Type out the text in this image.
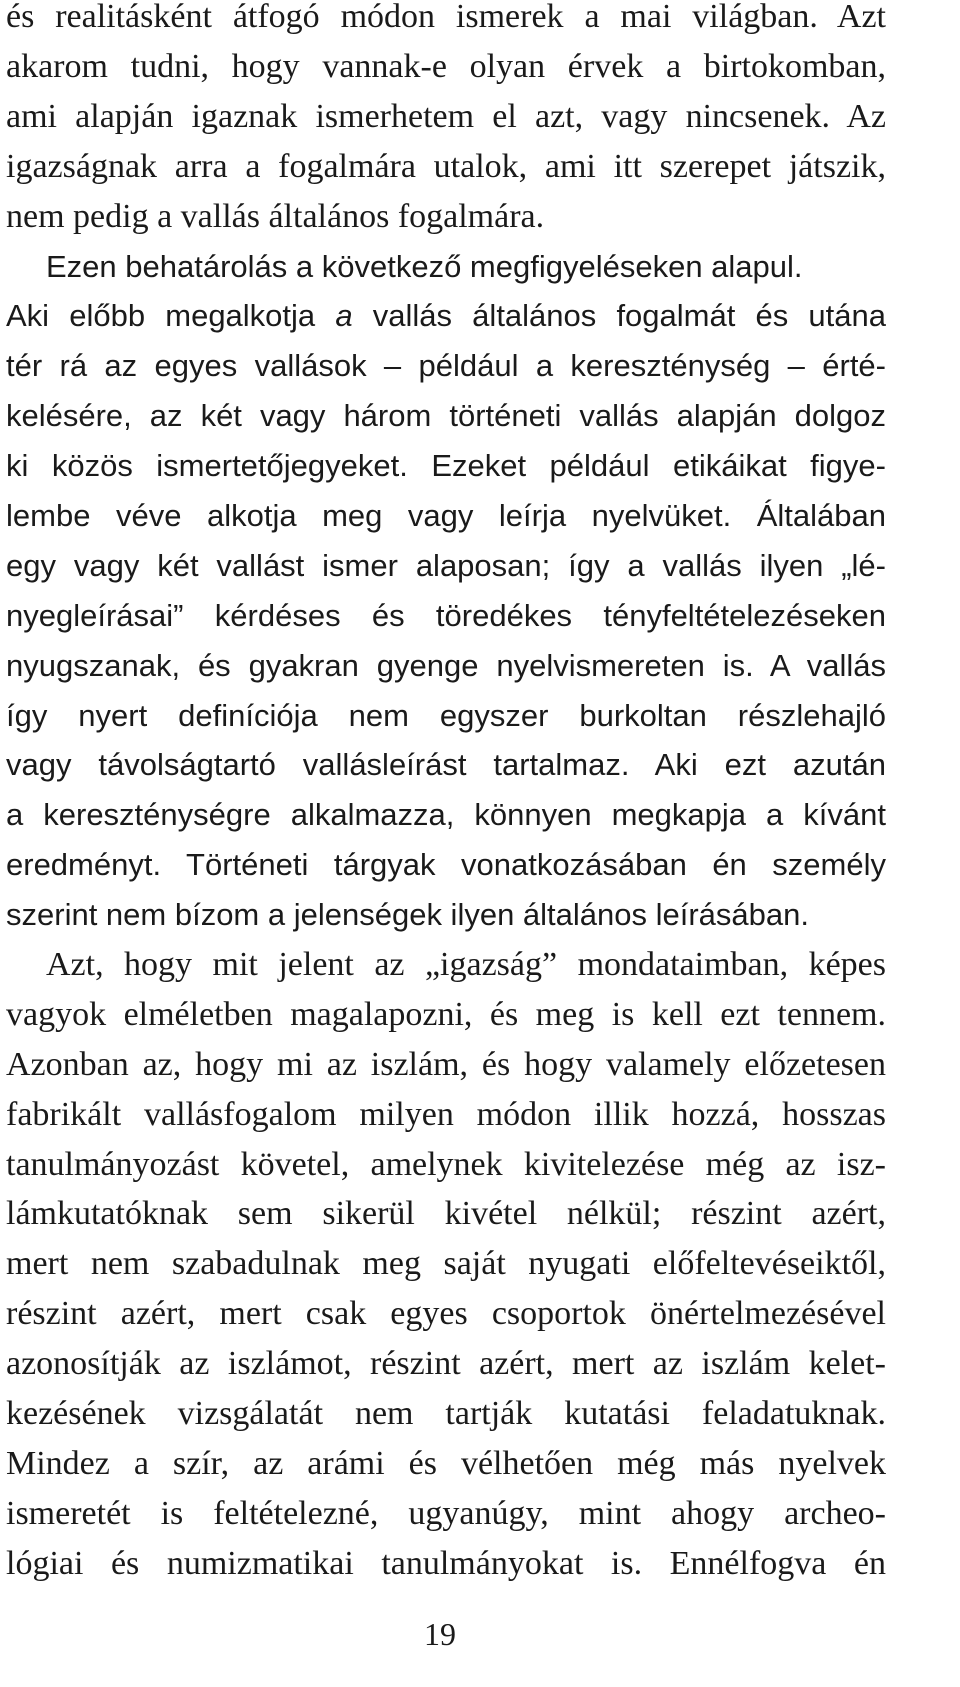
és realitásként átfogó módon ismerek a mai világban. Azt
akarom tudni, hogy vannak-e olyan érvek a birtokomban,
ami alapján igaznak ismerhetem el azt, vagy nincsenek. Az
igazságnak arra a fogalmára utalok, ami itt szerepet játszik,
nem pedig a vallás általános fogalmára.
Ezen behatárolás a következő megfigyeléseken alapul.
Aki előbb megalkotja a vallás általános fogalmát és utána
tér rá az egyes vallások – például a kereszténység – érté-
kelésére, az két vagy három történeti vallás alapján dolgoz
ki közös ismertetőjegyeket. Ezeket például etikáikat figye-
lembe véve alkotja meg vagy leírja nyelvüket. Általában
egy vagy két vallást ismer alaposan; így a vallás ilyen „lé-
nyegleírásai” kérdéses és töredékes tényfeltételezéseken
nyugszanak, és gyakran gyenge nyelvismereten is. A vallás
így nyert definíciója nem egyszer burkoltan részlehajló
vagy távolságtartó vallásleírást tartalmaz. Aki ezt azután
a kereszténységre alkalmazza, könnyen megkapja a kívánt
eredményt. Történeti tárgyak vonatkozásában én személy
szerint nem bízom a jelenségek ilyen általános leírásában.
Azt, hogy mit jelent az „igazság” mondataimban, képes
vagyok elméletben magalapozni, és meg is kell ezt tennem.
Azonban az, hogy mi az iszlám, és hogy valamely előzetesen
fabrikált vallásfogalom milyen módon illik hozzá, hosszas
tanulmányozást követel, amelynek kivitelezése még az isz-
lámkutatóknak sem sikerül kivétel nélkül; részint azért,
mert nem szabadulnak meg saját nyugati előfeltevéseiktől,
részint azért, mert csak egyes csoportok önértelmezésével
azonosítják az iszlámot, részint azért, mert az iszlám kelet-
kezésének vizsgálatát nem tartják kutatási feladatuknak.
Mindez a szír, az arámi és vélhetően még más nyelvek
ismeretét is feltételezné, ugyanúgy, mint ahogy archeo-
lógiai és numizmatikai tanulmányokat is. Ennélfogva én
19
